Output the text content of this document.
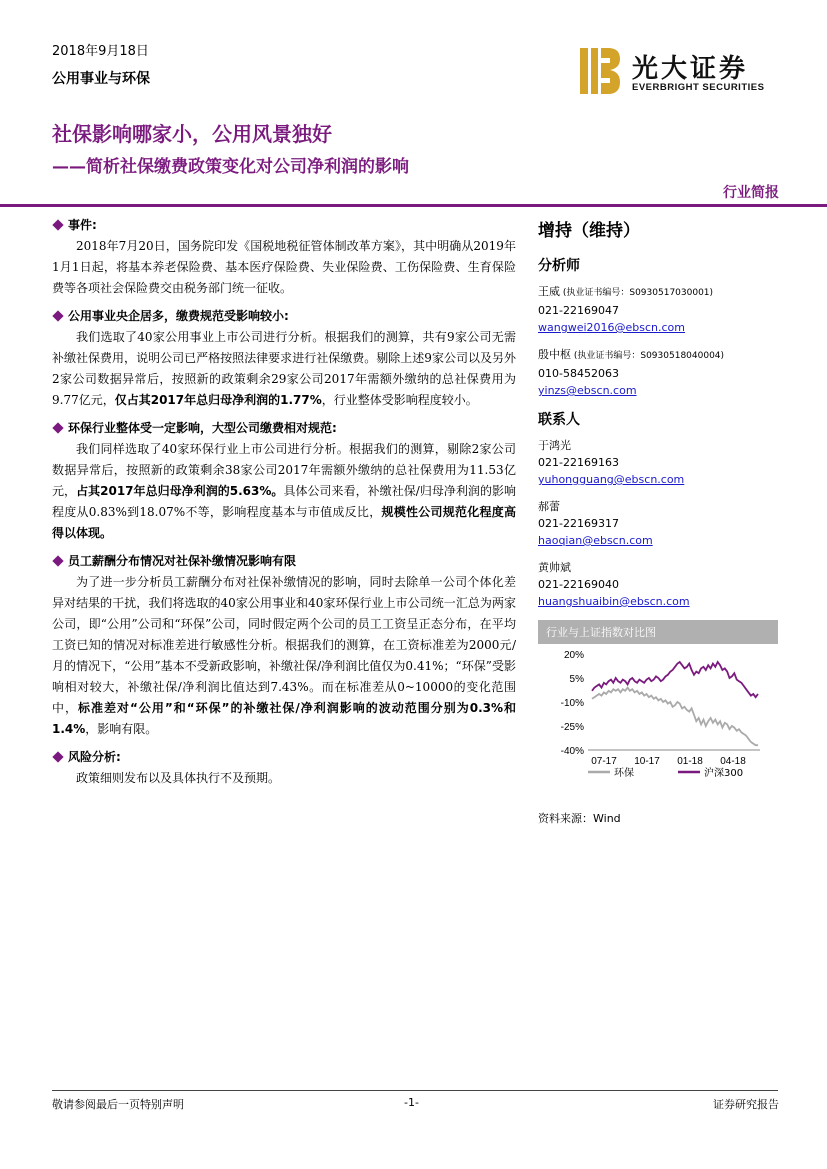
2018年9月18日
公用事业与环保	光大证券
EVERBRIGHT SECURITIES
社保影响哪家小，公用风景独好
——简析社保缴费政策变化对公司净利润的影响
行业简报
事件:
2018年7月20日，国务院印发《国税地税征管体制改革方案》，其中明确从2019年1月1日起，将基本养老保险费、基本医疗保险费、失业保险费、工伤保险费、生育保险费等各项社会保险费交由税务部门统一征收。
公用事业央企居多，缴费规范受影响较小:
我们选取了40家公用事业上市公司进行分析。根据我们的测算，共有9家公司无需补缴社保费用，说明公司已严格按照法律要求进行社保缴费。剔除上述9家公司以及另外2家公司数据异常后，按照新的政策剩余29家公司2017年需额外缴纳的总社保费用为9.77亿元，仅占其2017年总归母净利润的1.77%，行业整体受影响程度较小。
环保行业整体受一定影响，大型公司缴费相对规范:
我们同样选取了40家环保行业上市公司进行分析。根据我们的测算，剔除2家公司数据异常后，按照新的政策剩余38家公司2017年需额外缴纳的总社保费用为11.53亿元，占其2017年总归母净利润的5.63%。具体公司来看，补缴社保/归母净利润的影响程度从0.83%到18.07%不等，影响程度基本与市值成反比，规模性公司规范化程度高得以体现。
员工薪酬分布情况对社保补缴情况影响有限
为了进一步分析员工薪酬分布对社保补缴情况的影响，同时去除单一公司个体化差异对结果的干扰，我们将选取的40家公用事业和40家环保行业上市公司统一汇总为两家公司，即“公用”公司和“环保”公司，同时假定两个公司的员工工资呈正态分布，在平均工资已知的情况对标准差进行敏感性分析。根据我们的测算，在工资标准差为2000元/月的情况下，“公用”基本不受新政影响，补缴社保/净利润比值仅为0.41%；“环保”受影响相对较大，补缴社保/净利润比值达到7.43%。而在标准差从0~10000的变化范围中，标准差对“公用”和“环保”的补缴社保/净利润影响的波动范围分别为0.3%和1.4%，影响有限。
风险分析:
政策细则发布以及具体执行不及预期。
增持（维持）
分析师
王威 (执业证书编号：S0930517030001)
021-22169047
wangwei2016@ebscn.com
殷中枢 (执业证书编号：S0930518040004)
010-58452063
yinzs@ebscn.com
联系人
于鸿光
021-22169163
yuhongguang@ebscn.com
郝蕾
021-22169317
haoqian@ebscn.com
黄帅斌
021-22169040
huangshuaibin@ebscn.com
行业与上证指数对比图
20%
5%
-10%
-25%
-40%
07-17 10-17 01-18 04-18
环保	沪深300
资料来源：Wind
敬请参阅最后一页特别声明	-1-	证券研究报告
